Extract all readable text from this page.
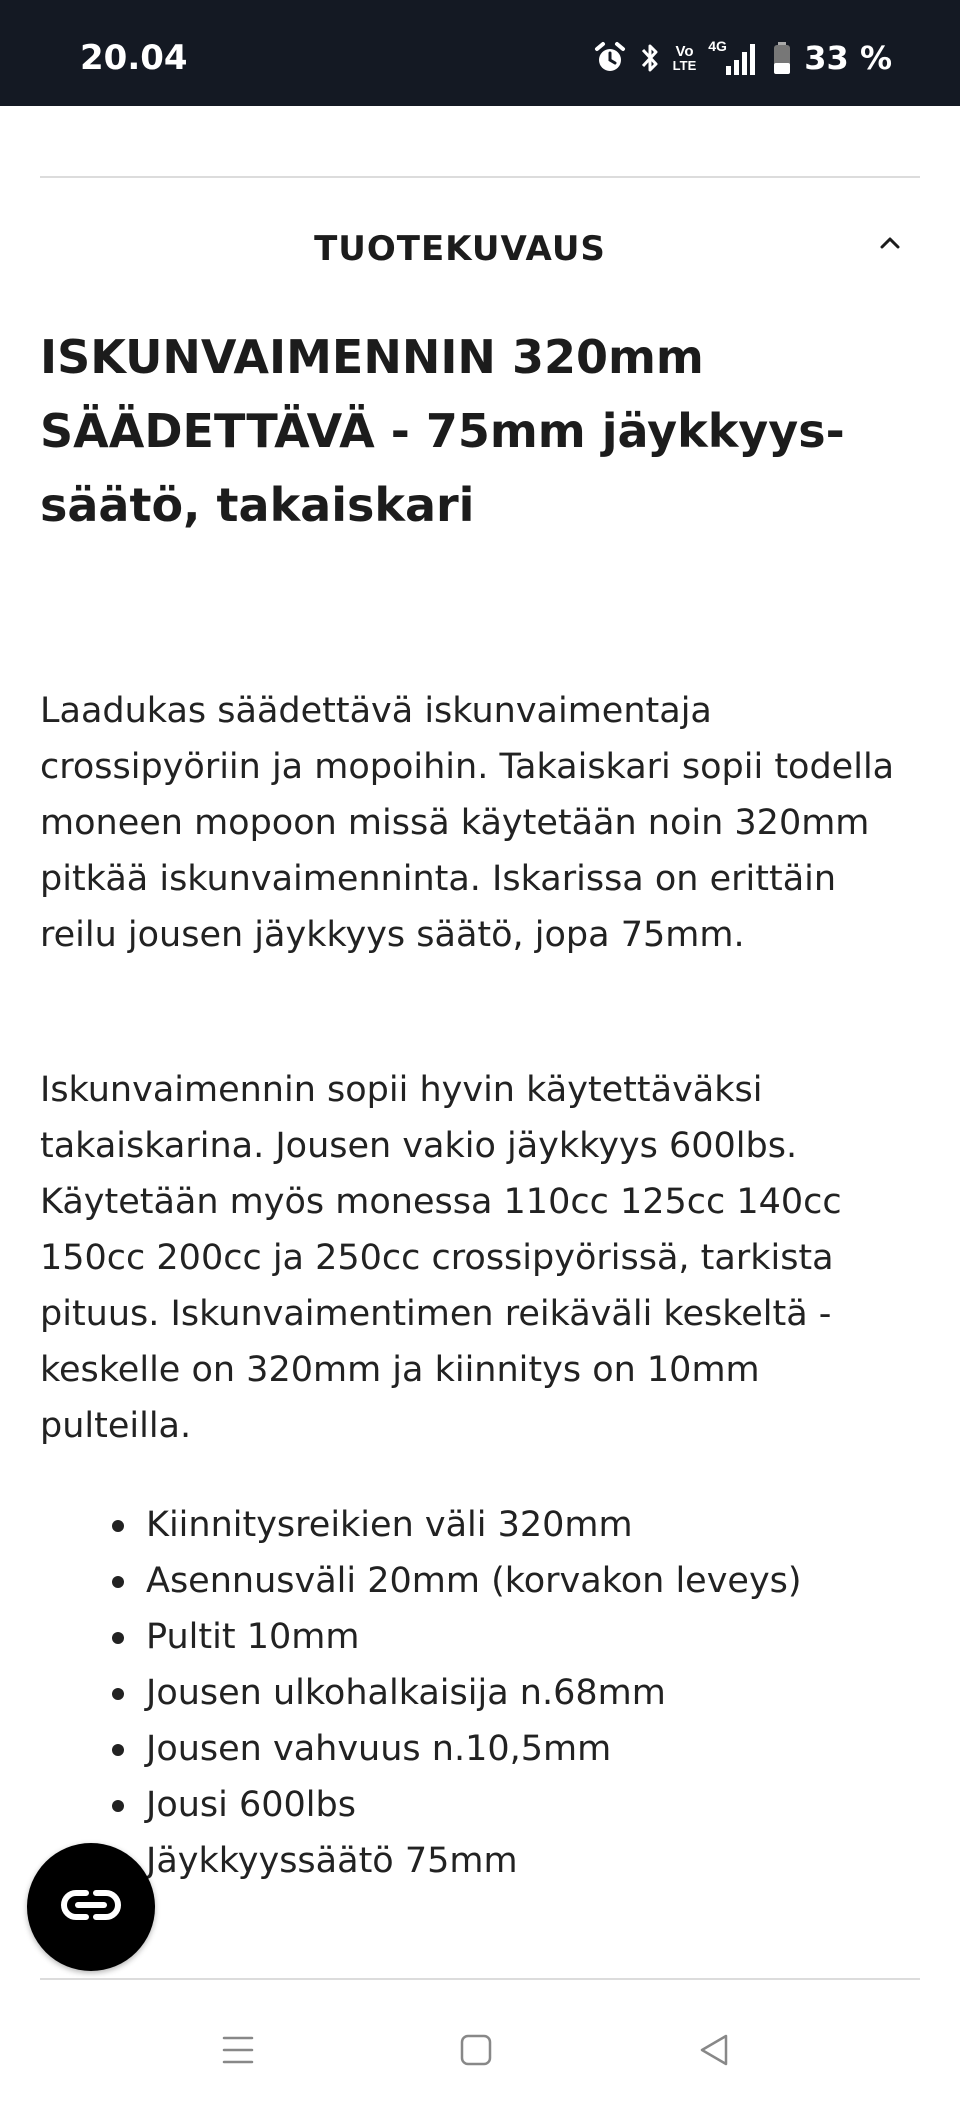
20.04	Vo
LTE
4G 33 %
TUOTEKUVAUS
ISKUNVAIMENNIN 320mm SÄÄDETTÄVÄ - 75mm jäykkyys-säätö, takaiskari

Laadukas säädettävä iskunvaimentaja crossipyöriin ja mopoihin. Takaiskari sopii todella moneen mopoon missä käytetään noin 320mm pitkää iskunvaimenninta. Iskarissa on erittäin reilu jousen jäykkyys säätö, jopa 75mm.

Iskunvaimennin sopii hyvin käytettäväksi takaiskarina. Jousen vakio jäykkyys 600lbs. Käytetään myös monessa 110cc 125cc 140cc 150cc 200cc ja 250cc crossipyörissä, tarkista pituus. Iskunvaimentimen reikäväli keskeltä - keskelle on 320mm ja kiinnitys on 10mm pulteilla.

Kiinnitysreikien väli 320mm
Asennusväli 20mm (korvakon leveys)
Pultit 10mm
Jousen ulkohalkaisija n.68mm
Jousen vahvuus n.10,5mm
Jousi 600lbs
Jäykkyyssäätö 75mm
